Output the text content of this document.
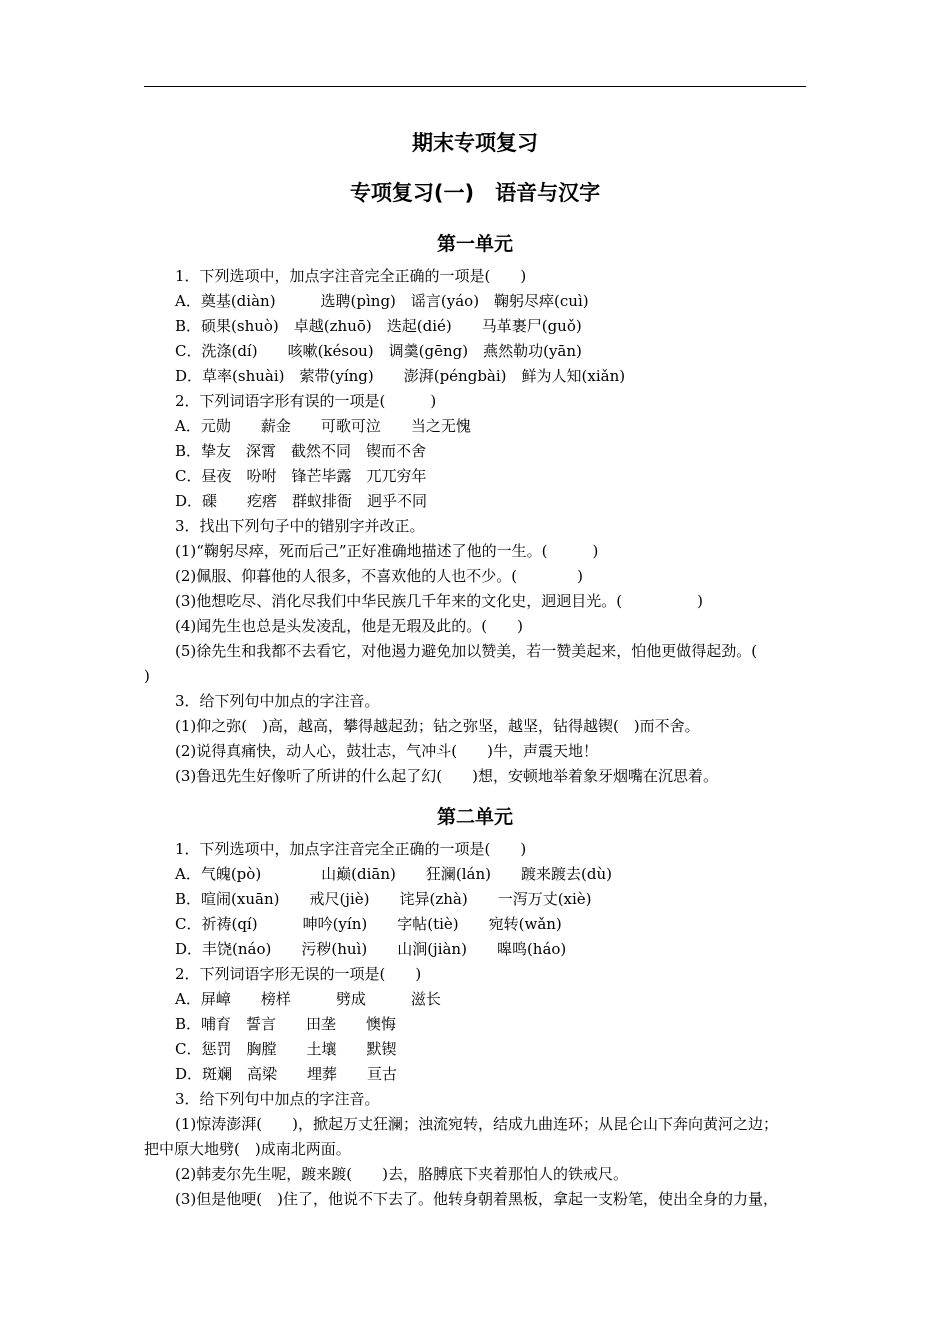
期末专项复习
专项复习(一)　语音与汉字
第一单元
1．下列选项中，加点字注音完全正确的一项是(　　)
A．奠基(diàn)　　　选聘(pìng)　谣言(yáo)　鞠躬尽瘁(cuì)
B．硕果(shuò)　卓越(zhuō)　迭起(dié)　　马革裹尸(guǒ)
C．洗涤(dí)　　咳嗽(késou)　调羹(gēng)　燕然勒功(yān)
D．草率(shuài)　萦带(yíng)　　澎湃(péngbài)　鲜为人知(xiǎn)
2．下列词语字形有误的一项是(　　　)
A．元勋　　薪金　　可歌可泣　　当之无愧
B．挚友　深霄　截然不同　锲而不舍
C．昼夜　吩咐　锋芒毕露　兀兀穷年
D．磲　　疙瘩　群蚁排衙　迥乎不同
3．找出下列句子中的错别字并改正。
(1)“鞠躬尽瘁，死而后己”正好准确地描述了他的一生。(　　　)
(2)佩服、仰暮他的人很多，不喜欢他的人也不少。(　　　　)
(3)他想吃尽、消化尽我们中华民族几千年来的文化史，迥迥目光。(　　　　　)
(4)闻先生也总是头发凌乱，他是无瑕及此的。(　　)
(5)徐先生和我都不去看它，对他遏力避免加以赞美，若一赞美起来，怕他更做得起劲。(
)
3．给下列句中加点的字注音。
(1)仰之弥(　)高，越高，攀得越起劲；钻之弥坚，越坚，钻得越锲(　)而不舍。
(2)说得真痛快，动人心，鼓壮志，气冲斗(　　)牛，声震天地！
(3)鲁迅先生好像听了所讲的什么起了幻(　　)想，安顿地举着象牙烟嘴在沉思着。
第二单元
1．下列选项中，加点字注音完全正确的一项是(　　)
A．气魄(pò)　　　　山巅(diān)　　狂澜(lán)　　踱来踱去(dù)
B．喧闹(xuān)　　戒尺(jiè)　　诧异(zhà)　　一泻万丈(xiè)
C．祈祷(qí)　　　呻吟(yín)　　字帖(tiè)　　宛转(wǎn)
D．丰饶(náo)　　污秽(huì)　　山涧(jiàn)　　嗥鸣(háo)
2．下列词语字形无误的一项是(　　)
A．屏嶂　　榜样　　　劈成　　　滋长
B．哺育　誓言　　田垄　　懊悔
C．惩罚　胸膛　　土壤　　默锲
D．斑斓　高梁　　埋葬　　亘古
3．给下列句中加点的字注音。
(1)惊涛澎湃(　　)，掀起万丈狂澜；浊流宛转，结成九曲连环；从昆仑山下奔向黄河之边；
把中原大地劈(　)成南北两面。
(2)韩麦尔先生呢，踱来踱(　　)去，胳膊底下夹着那怕人的铁戒尺。
(3)但是他哽(　)住了，他说不下去了。他转身朝着黑板，拿起一支粉笔，使出全身的力量，
